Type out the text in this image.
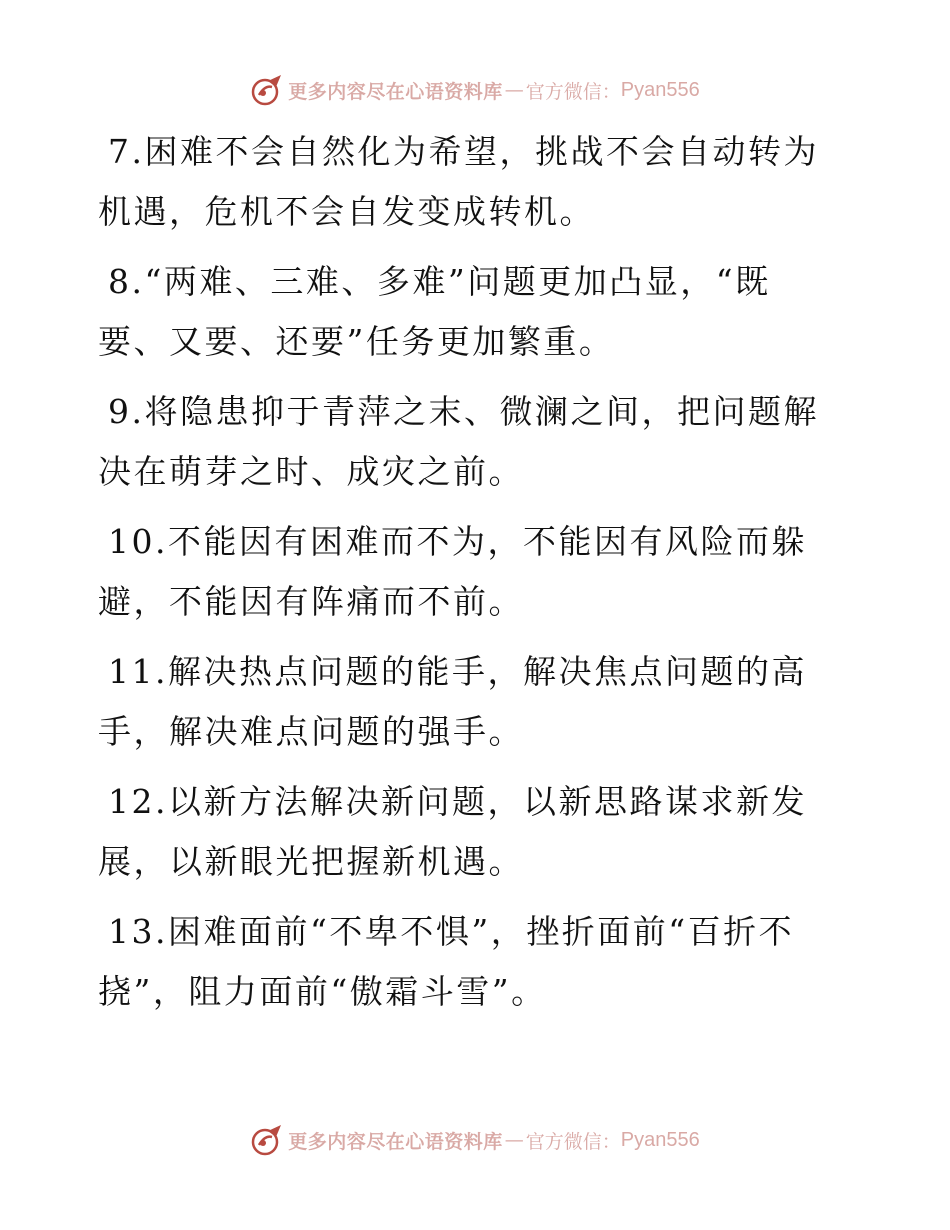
更多内容尽在心语资料库 — 官方微信： Pyan556

7.困难不会自然化为希望，挑战不会自动转为机遇，危机不会自发变成转机。

8.“两难、三难、多难”问题更加凸显，“既要、又要、还要”任务更加繁重。

9.将隐患抑于青萍之末、微澜之间，把问题解决在萌芽之时、成灾之前。

10.不能因有困难而不为，不能因有风险而躲避，不能因有阵痛而不前。

11.解决热点问题的能手，解决焦点问题的高手，解决难点问题的强手。

12.以新方法解决新问题，以新思路谋求新发展，以新眼光把握新机遇。

13.困难面前“不卑不惧”，挫折面前“百折不挠”，阻力面前“傲霜斗雪”。

更多内容尽在心语资料库 — 官方微信： Pyan556
